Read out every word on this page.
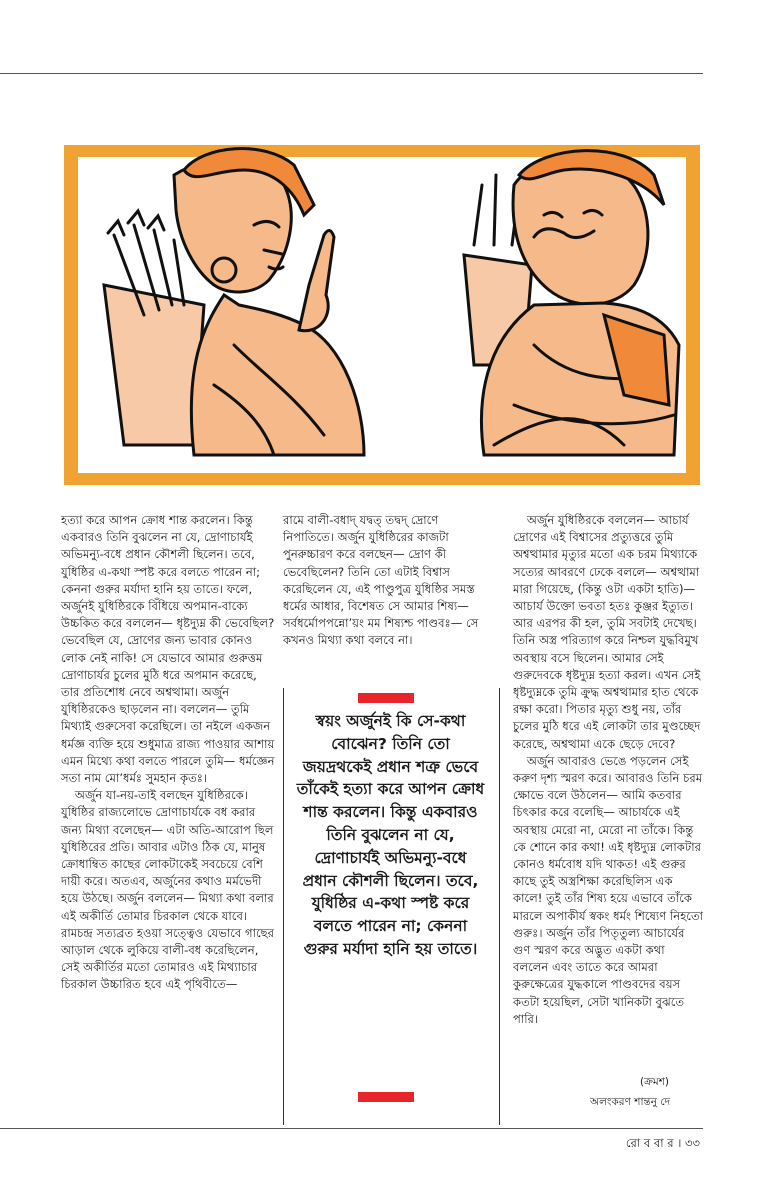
হত্যা করে আপন ক্রোধ শান্ত করলেন। কিন্তু একবারও তিনি বুঝলেন না যে, দ্রোণাচার্যই অভিমন্যু-বধে প্রধান কৌশলী ছিলেন। তবে, যুধিষ্ঠির এ-কথা স্পষ্ট করে বলতে পারেন না; কেননা গুরুর মর্যাদা হানি হয় তাতে। ফলে, অর্জুনই যুধিষ্ঠিরকে বিঁধিয়ে অপমান-বাক্যে উচ্চকিত করে বললেন— ধৃষ্টদ্যুম্ন কী ভেবেছিল? ভেবেছিল যে, দ্রোণের জন্য ভাবার কোনও লোক নেই নাকি! সে যেভাবে আমার গুরুত্তম দ্রোণাচার্যর চুলের মুঠি ধরে অপমান করেছে, তার প্রতিশোধ নেবে অশ্বত্থামা। অর্জুন যুধিষ্ঠিরকেও ছাড়লেন না। বললেন— তুমি মিথ্যাই গুরুসেবা করেছিলে। তা নইলে একজন ধর্মজ্ঞ ব্যক্তি হয়ে শুধুমাত্র রাজ্য পাওয়ার আশায় এমন মিথ্যে কথা বলতে পারলে তুমি— ধর্মজ্ঞেন সতা নাম মো’ধর্মঃ সুমহান কৃতঃ।

অর্জুন যা-নয়-তাই বলছেন যুধিষ্ঠিরকে। যুধিষ্ঠির রাজ্যলোভে দ্রোণাচার্যকে বধ করার জন্য মিথ্যা বলেছেন— এটা অতি-আরোপ ছিল যুধিষ্ঠিরের প্রতি। আবার এটাও ঠিক যে, মানুষ ক্রোধাম্বিত কাছের লোকটাকেই সবচেয়ে বেশি দায়ী করে। অতএব, অর্জুনের কথাও মর্মভেদী হয়ে উঠছে। অর্জুন বললেন— মিথ্যা কথা বলার এই অকীর্তি তোমার চিরকাল থেকে যাবে। রামচন্দ্র সত্যব্রত হওয়া সত্ত্বেও যেভাবে গাছের আড়াল থেকে লুকিয়ে বালী-বধ করেছিলেন, সেই অকীর্তির মতো তোমারও এই মিথ্যাচার চিরকাল উচ্চারিত হবে এই পৃথিবীতে—

রামে বালী-বধাদ্‌ যদ্বত্‌ তদ্বদ্‌ দ্রোণে নিপাতিতে। অর্জুন যুধিষ্ঠিরের কাজটা পুনরুচ্চারণ করে বলছেন— দ্রোণ কী ভেবেছিলেন? তিনি তো এটাই বিশ্বাস করেছিলেন যে, এই পাণ্ডুপুত্র যুধিষ্ঠির সমস্ত ধর্মের আধার, বিশেষত সে আমার শিষ্য— সর্বধর্মোপপন্নো’য়ং মম শিষ্যশ্চ পাণ্ডবঃ— সে কখনও মিথ্যা কথা বলবে না।

স্বয়ং অর্জুনই কি সে-কথা বোঝেন? তিনি তো জয়দ্রথকেই প্রধান শত্রু ভেবে তাঁকেই হত্যা করে আপন ক্রোধ শান্ত করলেন। কিন্তু একবারও তিনি বুঝলেন না যে, দ্রোণাচার্যই অভিমন্যু-বধে প্রধান কৌশলী ছিলেন। তবে, যুধিষ্ঠির এ-কথা স্পষ্ট করে বলতে পারেন না; কেননা গুরুর মর্যাদা হানি হয় তাতে।

অর্জুন যুধিষ্ঠিরকে বললেন— আচার্য দ্রোণের এই বিশ্বাসের প্রত্যুত্তরে তুমি অশ্বত্থামার মৃত্যুর মতো এক চরম মিথ্যাকে সত্যের আবরণে ঢেকে বললে— অশ্বত্থামা মারা গিয়েছে, (কিন্তু ওটা একটা হাতি)— আচার্য উক্তো ভবতা হতঃ কুঞ্জর ইত্যুত। আর এরপর কী হল, তুমি সবটাই দেখেছ। তিনি অস্ত্র পরিত্যাগ করে নিশ্চল যুদ্ধবিমুখ অবস্থায় বসে ছিলেন। আমার সেই গুরুদেবকে ধৃষ্টদ্যুম্ন হত্যা করল। এখন সেই ধৃষ্টদ্যুম্নকে তুমি ক্রুদ্ধ অশ্বত্থামার হাত থেকে রক্ষা করো। পিতার মৃত্যু শুধু নয়, তাঁর চুলের মুঠি ধরে এই লোকটা তার মুণ্ডচ্ছেদ করেছে, অশ্বত্থামা একে ছেড়ে দেবে?

অর্জুন আবারও ভেঙে পড়লেন সেই করুণ দৃশ্য স্মরণ করে। আবারও তিনি চরম ক্ষোভে বলে উঠলেন— আমি কতবার চিৎকার করে বলেছি— আচার্যকে এই অবস্থায় মেরো না, মেরো না তাঁকে। কিন্তু কে শোনে কার কথা! এই ধৃষ্টদ্যুম্ন লোকটার কোনও ধর্মবোধ যদি থাকত! এই গুরুর কাছে তুই অস্ত্রশিক্ষা করেছিলিস এক কালে! তুই তাঁর শিষ্য হয়ে এভাবে তাঁকে মারলে অপাকীর্য স্বকং ধর্মং শিষ্যেণ নিহতো গুরুঃ। অর্জুন তাঁর পিতৃতুল্য আচার্যের গুণ স্মরণ করে অদ্ভুত একটা কথা বললেন এবং তাতে করে আমরা কুরুক্ষেত্রের যুদ্ধকালে পাণ্ডবদের বয়স কতটা হয়েছিল, সেটা খানিকটা বুঝতে পারি।

(ক্রমশ)
অলংকরণ শান্তনু দে
রো ব বা র । ৩৩
